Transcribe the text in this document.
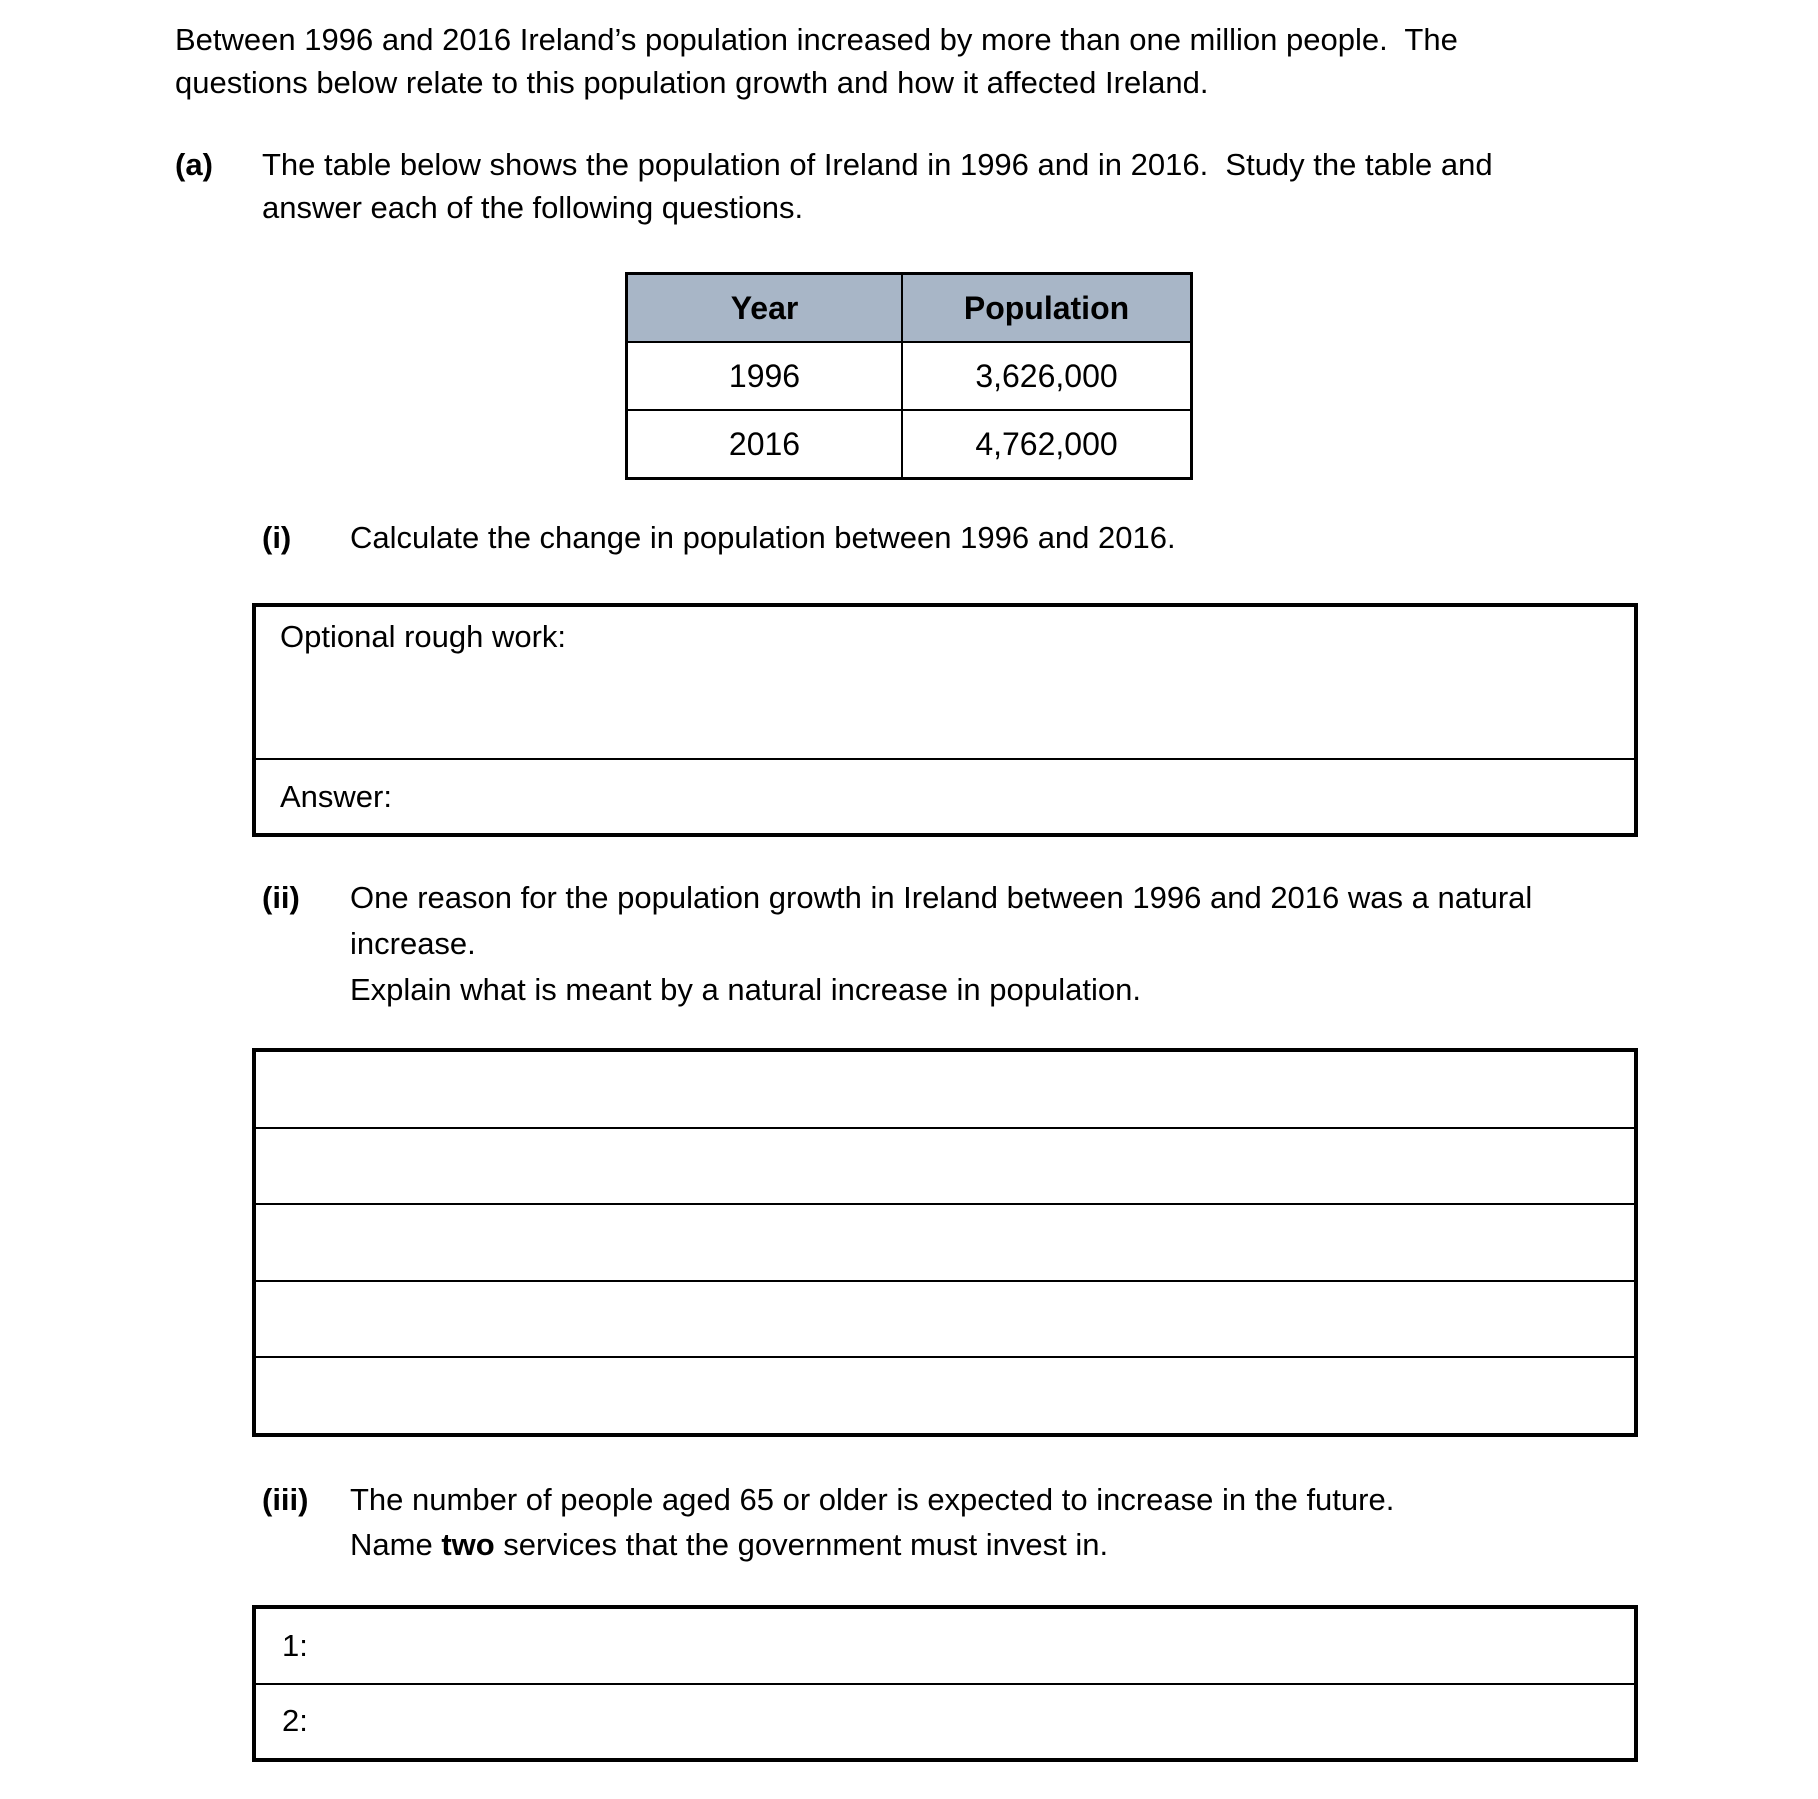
Between 1996 and 2016 Ireland’s population increased by more than one million people.  The
questions below relate to this population growth and how it affected Ireland.
(a) The table below shows the population of Ireland in 1996 and in 2016.  Study the table and
answer each of the following questions.
Year	Population
1996	3,626,000
2016	4,762,000
(i) Calculate the change in population between 1996 and 2016.
Optional rough work:
Answer:
(ii) One reason for the population growth in Ireland between 1996 and 2016 was a natural
increase.
Explain what is meant by a natural increase in population.
(iii) The number of people aged 65 or older is expected to increase in the future.
Name two services that the government must invest in.
1:
2:
